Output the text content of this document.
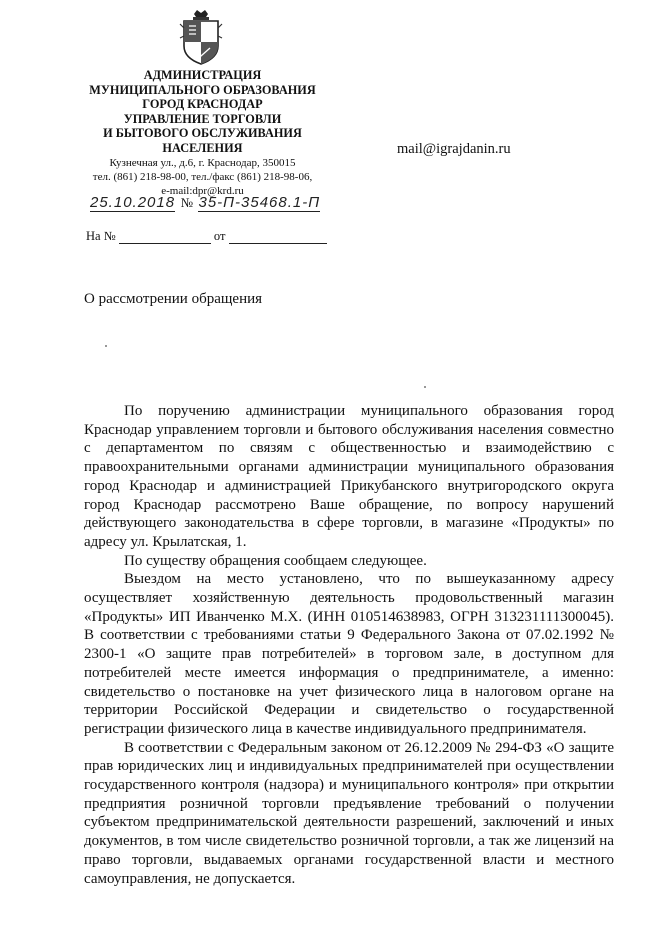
АДМИНИСТРАЦИЯ
МУНИЦИПАЛЬНОГО ОБРАЗОВАНИЯ
ГОРОД КРАСНОДАР
УПРАВЛЕНИЕ ТОРГОВЛИ
И БЫТОВОГО ОБСЛУЖИВАНИЯ
НАСЕЛЕНИЯ
Кузнечная ул., д.6, г. Краснодар, 350015
тел. (861) 218-98-00, тел./факс (861) 218-98-06,
e-mail:dpr@krd.ru
mail@igrajdanin.ru
25.10.2018 № 35-П-35468.1-П
На №	от
О рассмотрении обращения

По поручению администрации муниципального образования город Краснодар управлением торговли и бытового обслуживания населения совместно с департаментом по связям с общественностью и взаимодействию с правоохранительными органами администрации муниципального образования город Краснодар и администрацией Прикубанского внутригородского округа город Краснодар рассмотрено Ваше обращение, по вопросу нарушений действующего законодательства в сфере торговли, в магазине «Продукты» по адресу ул. Крылатская, 1.

По существу обращения сообщаем следующее.

Выездом на место установлено, что по вышеуказанному адресу осуществляет хозяйственную деятельность продовольственный магазин «Продукты» ИП Иванченко М.Х. (ИНН 010514638983, ОГРН 313231111300045). В соответствии с требованиями статьи 9 Федерального Закона от 07.02.1992 № 2300-1 «О защите прав потребителей» в торговом зале, в доступном для потребителей месте имеется информация о предпринимателе, а именно: свидетельство о постановке на учет физического лица в налоговом органе на территории Российской Федерации и свидетельство о государственной регистрации физического лица в качестве индивидуального предпринимателя.

В соответствии с Федеральным законом от 26.12.2009 № 294-ФЗ «О защите прав юридических лиц и индивидуальных предпринимателей при осуществлении государственного контроля (надзора) и муниципального контроля» при открытии предприятия розничной торговли предъявление требований о получении субъектом предпринимательской деятельности разрешений, заключений и иных документов, в том числе свидетельство розничной торговли, а так же лицензий на право торговли, выдаваемых органами государственной власти и местного самоуправления, не допускается.
